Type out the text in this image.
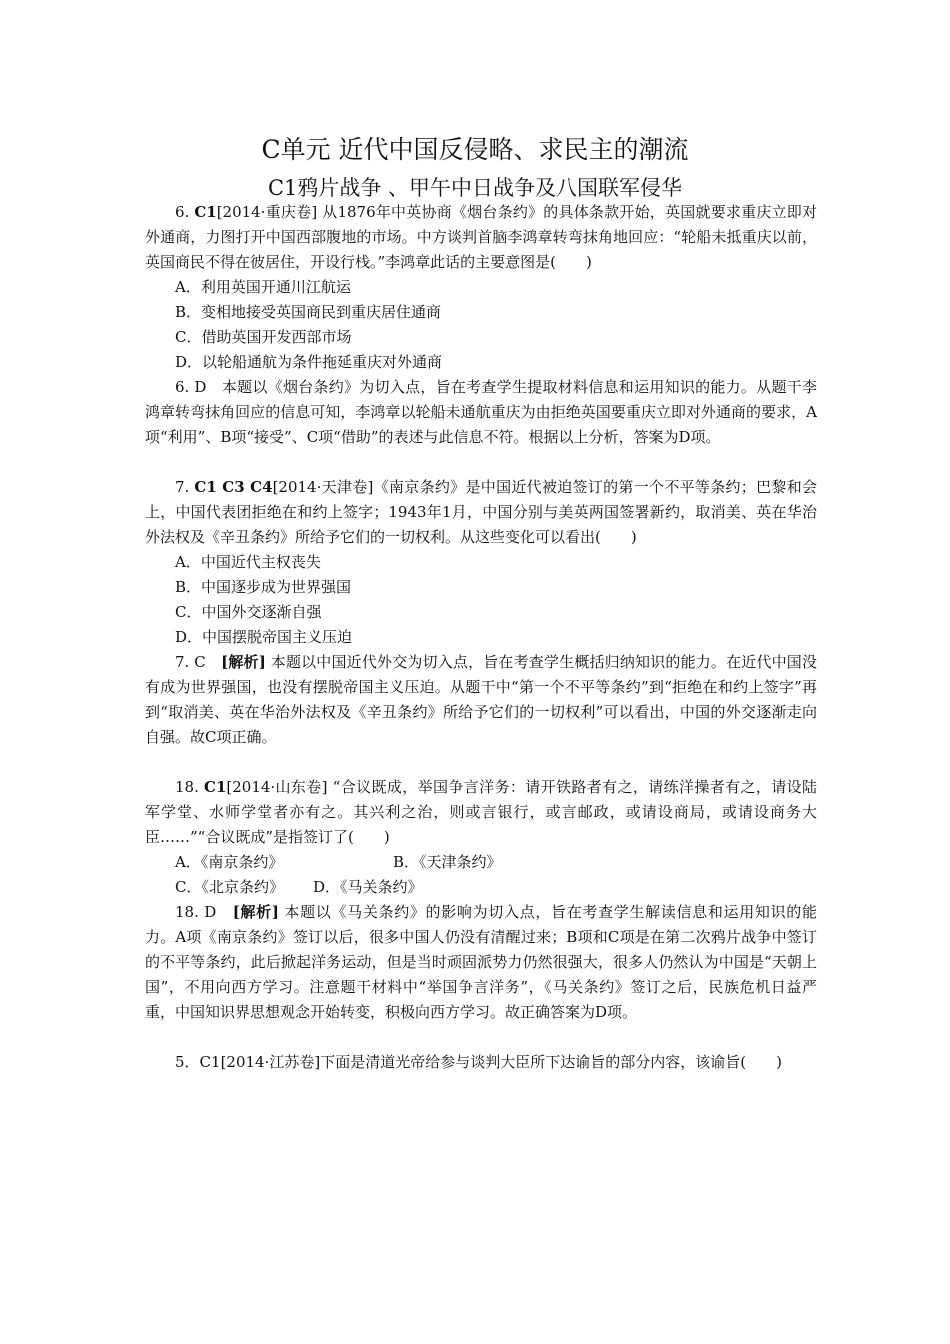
C单元 近代中国反侵略、求民主的潮流
C1鸦片战争 、甲午中日战争及八国联军侵华

6. C1[2014·重庆卷] 从1876年中英协商《烟台条约》的具体条款开始，英国就要求重庆立即对外通商，力图打开中国西部腹地的市场。中方谈判首脑李鸿章转弯抹角地回应：“轮船未抵重庆以前，英国商民不得在彼居住，开设行栈。”李鸿章此话的主要意图是(　　)

A．利用英国开通川江航运

B．变相地接受英国商民到重庆居住通商

C．借助英国开发西部市场

D．以轮船通航为条件拖延重庆对外通商

6. D　本题以《烟台条约》为切入点，旨在考查学生提取材料信息和运用知识的能力。从题干李鸿章转弯抹角回应的信息可知，李鸿章以轮船未通航重庆为由拒绝英国要重庆立即对外通商的要求，A项“利用”、B项“接受”、C项“借助”的表述与此信息不符。根据以上分析，答案为D项。

7. C1 C3 C4[2014·天津卷]《南京条约》是中国近代被迫签订的第一个不平等条约；巴黎和会上，中国代表团拒绝在和约上签字；1943年1月，中国分别与美英两国签署新约，取消美、英在华治外法权及《辛丑条约》所给予它们的一切权利。从这些变化可以看出(　　)

A．中国近代主权丧失

B．中国逐步成为世界强国

C．中国外交逐渐自强

D．中国摆脱帝国主义压迫

7. C　[解析] 本题以中国近代外交为切入点，旨在考查学生概括归纳知识的能力。在近代中国没有成为世界强国，也没有摆脱帝国主义压迫。从题干中“第一个不平等条约”到“拒绝在和约上签字”再到“取消美、英在华治外法权及《辛丑条约》所给予它们的一切权利”可以看出，中国的外交逐渐走向自强。故C项正确。

18. C1[2014·山东卷] “合议既成，举国争言洋务：请开铁路者有之，请练洋操者有之，请设陆军学堂、水师学堂者亦有之。其兴利之治，则或言银行，或言邮政，或请设商局，或请设商务大臣……”“合议既成”是指签订了(　　)

A．《南京条约》	B．《天津条约》
C．《北京条约》	D．《马关条约》

18. D　[解析] 本题以《马关条约》的影响为切入点，旨在考查学生解读信息和运用知识的能力。A项《南京条约》签订以后，很多中国人仍没有清醒过来；B项和C项是在第二次鸦片战争中签订的不平等条约，此后掀起洋务运动，但是当时顽固派势力仍然很强大，很多人仍然认为中国是“天朝上国”，不用向西方学习。注意题干材料中“举国争言洋务”，《马关条约》签订之后，民族危机日益严重，中国知识界思想观念开始转变，积极向西方学习。故正确答案为D项。

5．C1[2014·江苏卷]下面是清道光帝给参与谈判大臣所下达谕旨的部分内容，该谕旨(　　)
